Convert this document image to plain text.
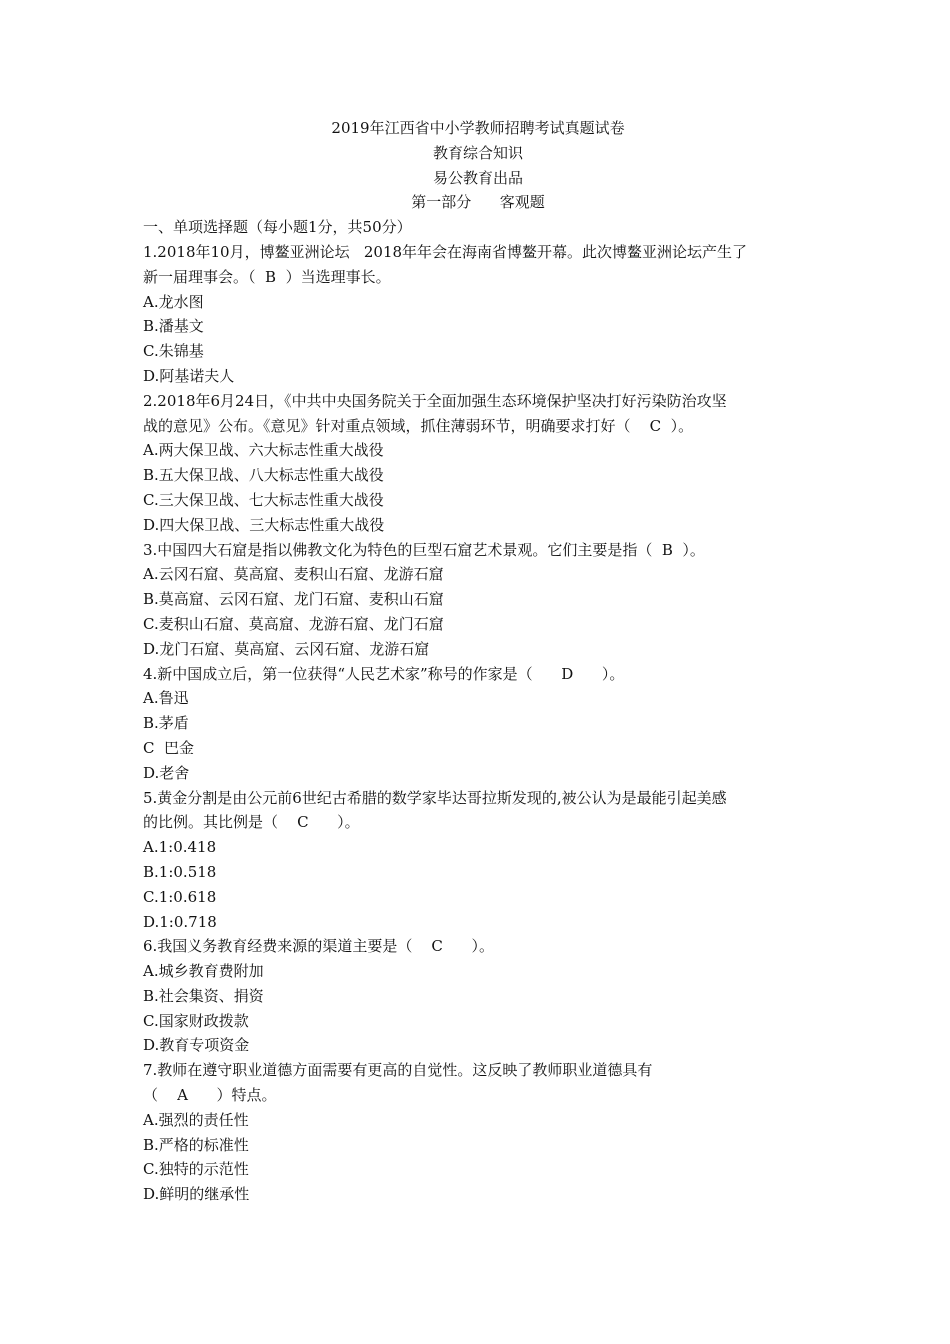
2019年江西省中小学教师招聘考试真题试卷
教育综合知识
易公教育出品
第一部分      客观题
一、单项选择题（每小题1分，共50分）
1.2018年10月，博鳌亚洲论坛   2018年年会在海南省博鳌开幕。此次博鳌亚洲论坛产生了
新一届理事会。（  B  ）当选理事长。
A.龙水图
B.潘基文
C.朱锦基
D.阿基诺夫人
2.2018年6月24日，《中共中央国务院关于全面加强生态环境保护坚决打好污染防治攻坚
战的意见》公布。《意见》针对重点领域，抓住薄弱环节，明确要求打好（    C  ）。
A.两大保卫战、六大标志性重大战役
B.五大保卫战、八大标志性重大战役
C.三大保卫战、七大标志性重大战役
D.四大保卫战、三大标志性重大战役
3.中国四大石窟是指以佛教文化为特色的巨型石窟艺术景观。它们主要是指（  B  ）。
A.云冈石窟、莫高窟、麦积山石窟、龙游石窟
B.莫高窟、云冈石窟、龙门石窟、麦积山石窟
C.麦积山石窟、莫高窟、龙游石窟、龙门石窟
D.龙门石窟、莫高窟、云冈石窟、龙游石窟
4.新中国成立后，第一位获得“人民艺术家”称号的作家是（      D      ）。
A.鲁迅
B.茅盾
C  巴金
D.老舍
5.黄金分割是由公元前6世纪古希腊的数学家毕达哥拉斯发现的,被公认为是最能引起美感
的比例。其比例是（    C      ）。
A.1:0.418
B.1:0.518
C.1:0.618
D.1:0.718
6.我国义务教育经费来源的渠道主要是（    C      ）。
A.城乡教育费附加
B.社会集资、捐资
C.国家财政拨款
D.教育专项资金
7.教师在遵守职业道德方面需要有更高的自觉性。这反映了教师职业道德具有
（    A      ）特点。
A.强烈的责任性
B.严格的标准性
C.独特的示范性
D.鲜明的继承性
